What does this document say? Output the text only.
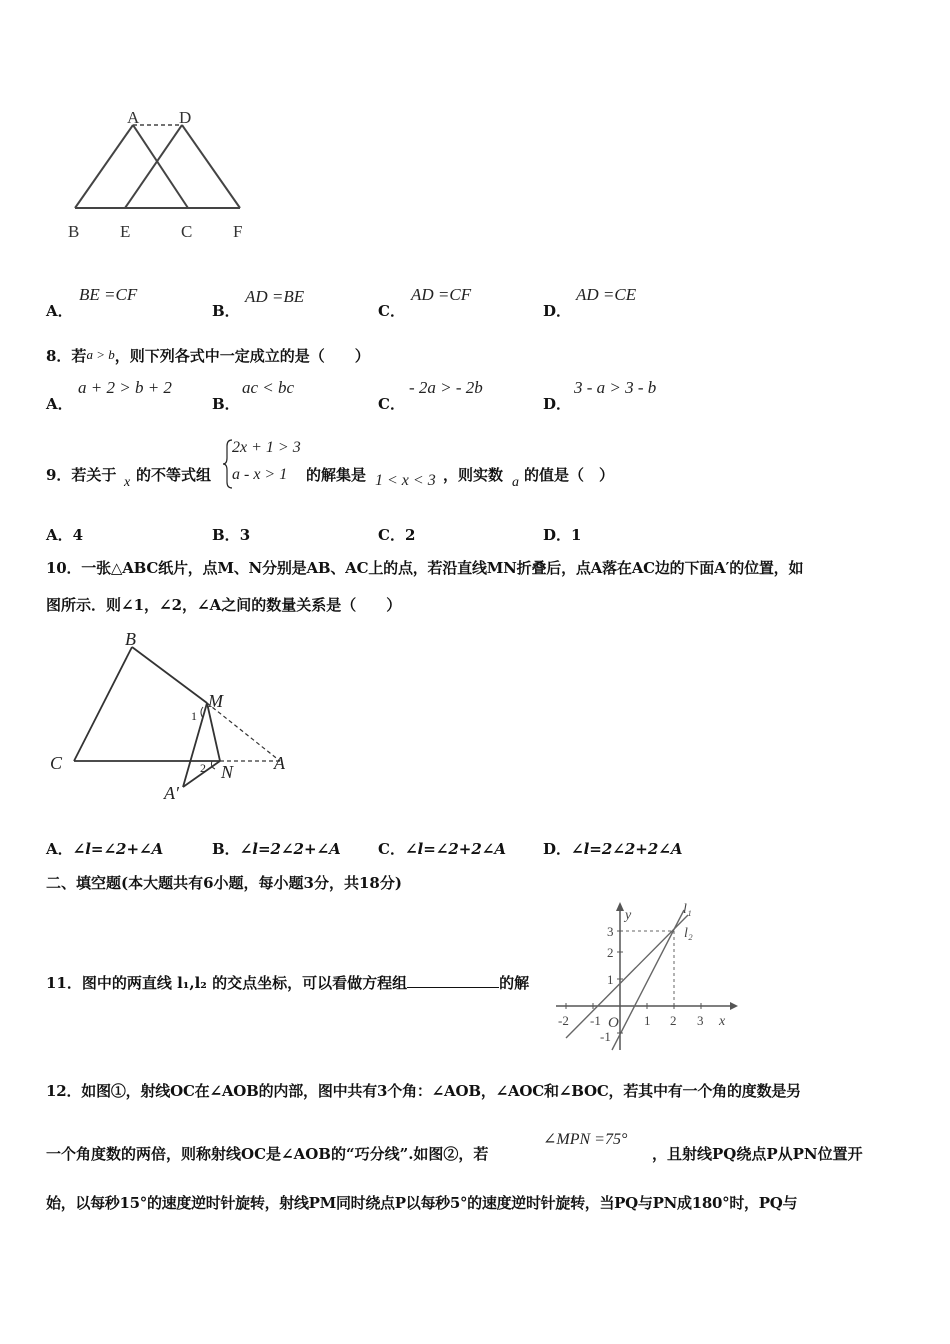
A D
B E	C F
A．
BE =CF
B．
AD =BE
C．
AD =CF
D．
AD =CE
8．若a > b，则下列各式中一定成立的是（　　）
A．
a + 2 > b + 2
B．
ac < bc
C．
- 2a > - 2b
D．
3 - a > 3 - b
9．若关于 x 的不等式组
2x + 1 > 3
a - x > 1 的解集是 1 < x < 3 ，则实数 a 的值是（　）
A．4	B．3	C．2	D．1
10．一张△ABC纸片，点M、N分别是AB、AC上的点，若沿直线MN折叠后，点A落在AC边的下面A′的位置，如
图所示．则∠1，∠2，∠A之间的数量关系是（　　）
B
M
1
C	A
2 N
A′
A．∠l=∠2+∠A	B．∠l=2∠2+∠A C．∠l=∠2+2∠A D．∠l=2∠2+2∠A
二、填空题(本大题共有6小题，每小题3分，共18分)
11．图中的两直线 l₁,l₂ 的交点坐标，可以看做方程组	的解
y
x
l₁
l₂
O
-2 -1	1 2 3
3
2
1
-1
12．如图①，射线OC在∠AOB的内部，图中共有3个角：∠AOB，∠AOC和∠BOC，若其中有一个角的度数是另
一个角度数的两倍，则称射线OC是∠AOB的“巧分线”.如图②，若
∠MPN =75°
，且射线PQ绕点P从PN位置开
始，以每秒15°的速度逆时针旋转，射线PM同时绕点P以每秒5°的速度逆时针旋转，当PQ与PN成180°时，PQ与
